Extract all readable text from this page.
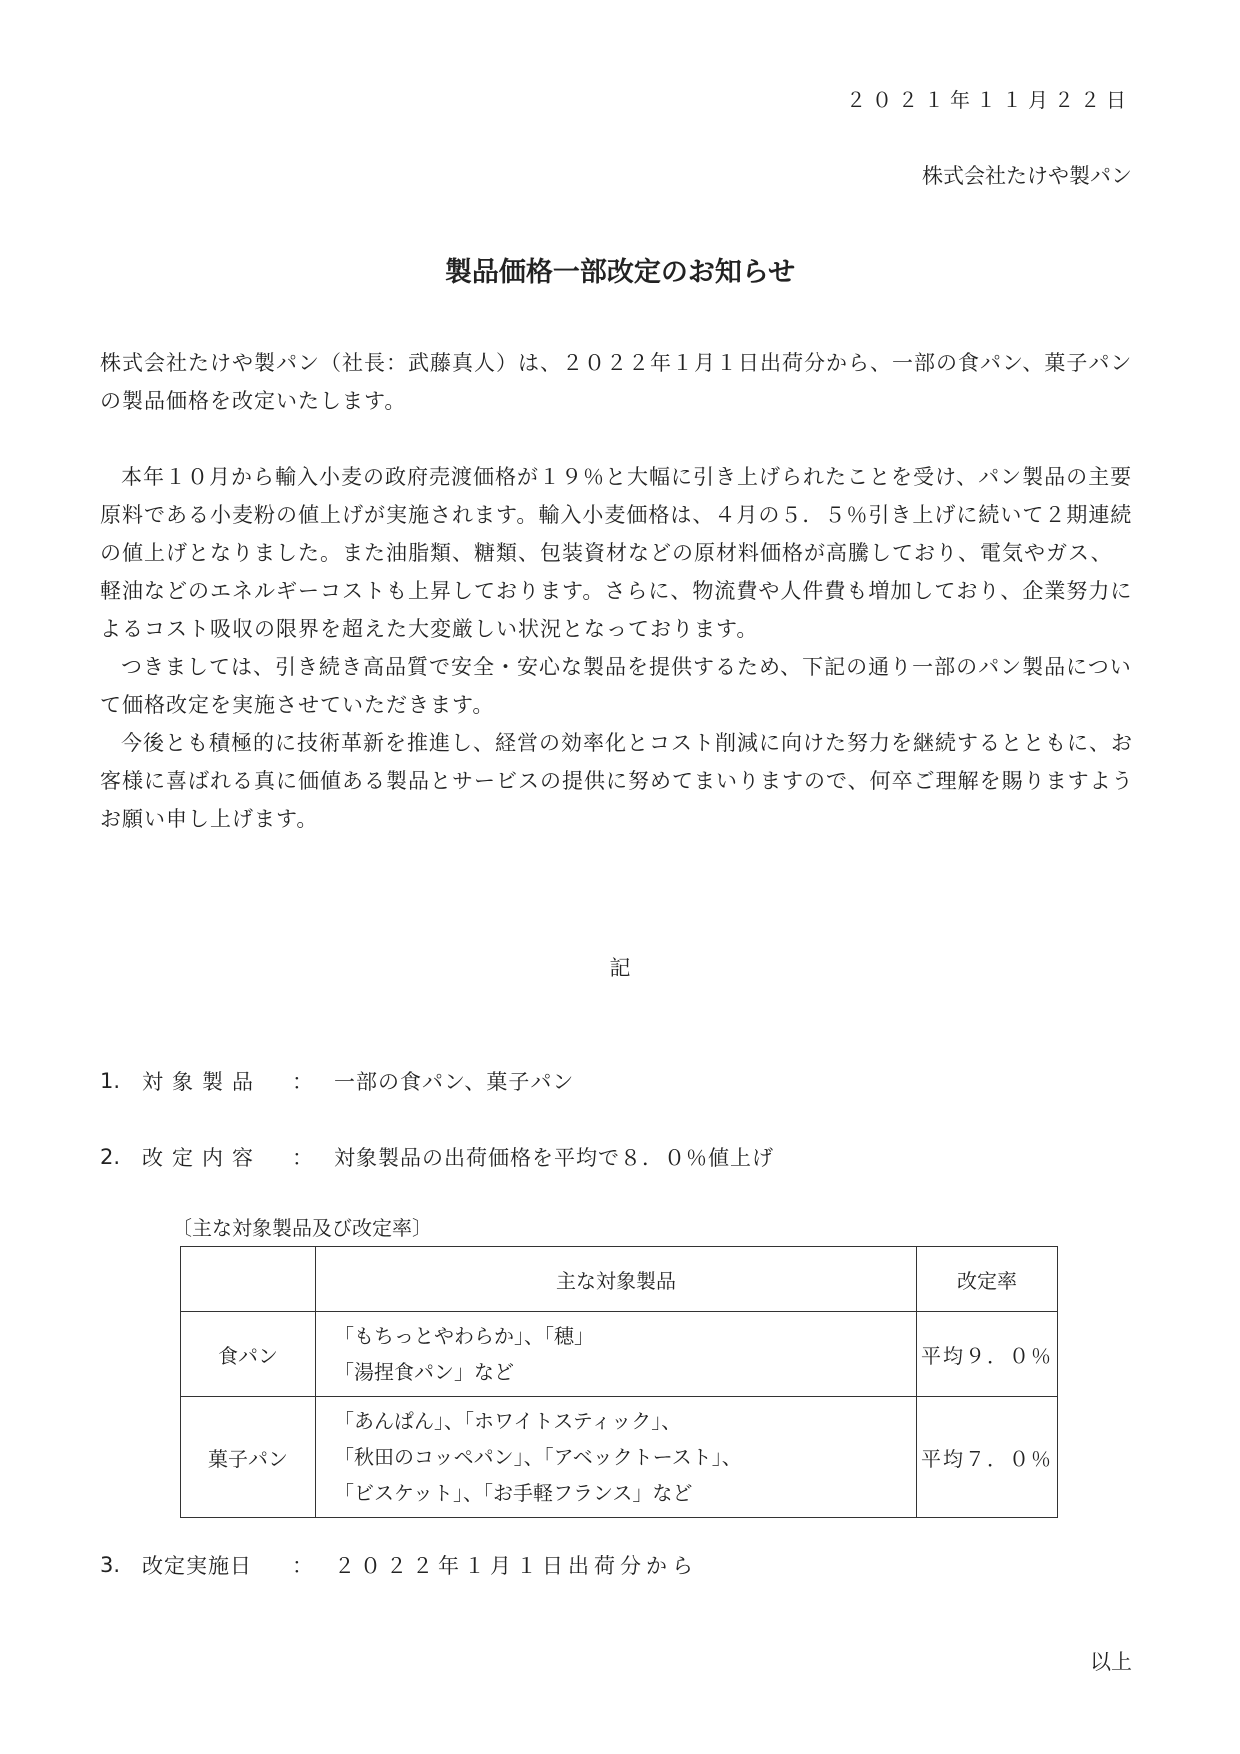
２０２１年１１月２２日
株式会社たけや製パン
製品価格一部改定のお知らせ

株式会社たけや製パン（社長：武藤真人）は、２０２２年１月１日出荷分から、一部の食パン、菓子パンの製品価格を改定いたします。

本年１０月から輸入小麦の政府売渡価格が１９％と大幅に引き上げられたことを受け、パン製品の主要原料である小麦粉の値上げが実施されます。輸入小麦価格は、４月の５．５％引き上げに続いて２期連続の値上げとなりました。また油脂類、糖類、包装資材などの原材料価格が高騰しており、電気やガス、軽油などのエネルギーコストも上昇しております。さらに、物流費や人件費も増加しており、企業努力によるコスト吸収の限界を超えた大変厳しい状況となっております。

つきましては、引き続き高品質で安全・安心な製品を提供するため、下記の通り一部のパン製品について価格改定を実施させていただきます。

今後とも積極的に技術革新を推進し、経営の効率化とコスト削減に向けた努力を継続するとともに、お客様に喜ばれる真に価値ある製品とサービスの提供に努めてまいりますので、何卒ご理解を賜りますようお願い申し上げます。

記
1.	対象製品	：	一部の食パン、菓子パン
2.	改定内容	：	対象製品の出荷価格を平均で８．０％値上げ
〔主な対象製品及び改定率〕
	主な対象製品	改定率
食パン	「もちっとやわらか」、「穂」
「湯捏食パン」など	平均９．０％
菓子パン	「あんぱん」、「ホワイトスティック」、
「秋田のコッペパン」、「アベックトースト」、
「ビスケット」、「お手軽フランス」など	平均７．０％
3.	改定実施日	：	２０２２年１月１日出荷分から
以上
